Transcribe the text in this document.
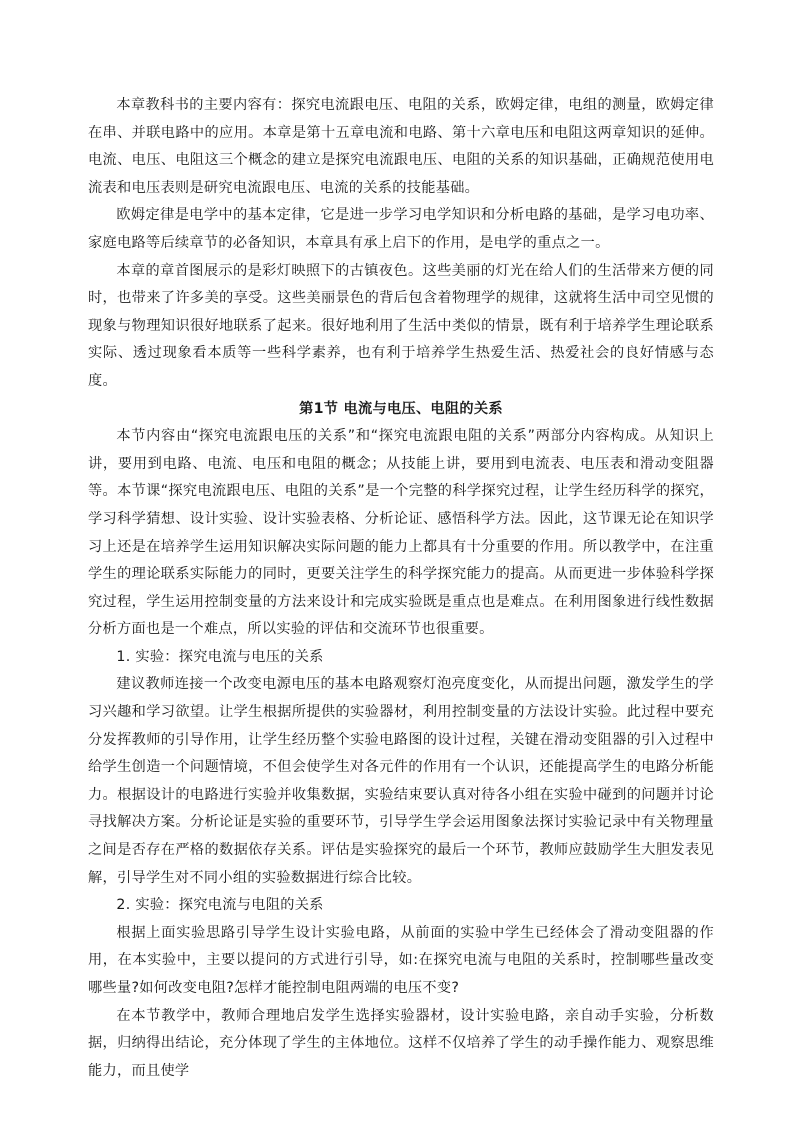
本章教科书的主要内容有：探究电流跟电压、电阻的关系，欧姆定律，电组的测量，欧姆定律在串、并联电路中的应用。本章是第十五章电流和电路、第十六章电压和电阻这两章知识的延伸。电流、电压、电阻这三个概念的建立是探究电流跟电压、电阻的关系的知识基础，正确规范使用电流表和电压表则是研究电流跟电压、电流的关系的技能基础。

欧姆定律是电学中的基本定律，它是进一步学习电学知识和分析电路的基础，是学习电功率、家庭电路等后续章节的必备知识，本章具有承上启下的作用，是电学的重点之一。

本章的章首图展示的是彩灯映照下的古镇夜色。这些美丽的灯光在给人们的生活带来方便的同时，也带来了许多美的享受。这些美丽景色的背后包含着物理学的规律，这就将生活中司空见惯的现象与物理知识很好地联系了起来。很好地利用了生活中类似的情景，既有利于培养学生理论联系实际、透过现象看本质等一些科学素养，也有利于培养学生热爱生活、热爱社会的良好情感与态度。

第1节 电流与电压、电阻的关系

本节内容由“探究电流跟电压的关系”和“探究电流跟电阻的关系”两部分内容构成。从知识上讲，要用到电路、电流、电压和电阻的概念；从技能上讲，要用到电流表、电压表和滑动变阻器等。本节课“探究电流跟电压、电阻的关系”是一个完整的科学探究过程，让学生经历科学的探究，学习科学猜想、设计实验、设计实验表格、分析论证、感悟科学方法。因此，这节课无论在知识学习上还是在培养学生运用知识解决实际问题的能力上都具有十分重要的作用。所以教学中，在注重学生的理论联系实际能力的同时，更要关注学生的科学探究能力的提高。从而更进一步体验科学探究过程，学生运用控制变量的方法来设计和完成实验既是重点也是难点。在利用图象进行线性数据分析方面也是一个难点，所以实验的评估和交流环节也很重要。

1. 实验：探究电流与电压的关系

建议教师连接一个改变电源电压的基本电路观察灯泡亮度变化，从而提出问题，激发学生的学习兴趣和学习欲望。让学生根据所提供的实验器材，利用控制变量的方法设计实验。此过程中要充分发挥教师的引导作用，让学生经历整个实验电路图的设计过程，关键在滑动变阻器的引入过程中给学生创造一个问题情境，不但会使学生对各元件的作用有一个认识，还能提高学生的电路分析能力。根据设计的电路进行实验并收集数据，实验结束要认真对待各小组在实验中碰到的问题并讨论寻找解决方案。分析论证是实验的重要环节，引导学生学会运用图象法探讨实验记录中有关物理量之间是否存在严格的数据依存关系。评估是实验探究的最后一个环节，教师应鼓励学生大胆发表见解，引导学生对不同小组的实验数据进行综合比较。

2. 实验：探究电流与电阻的关系

根据上面实验思路引导学生设计实验电路，从前面的实验中学生已经体会了滑动变阻器的作用，在本实验中，主要以提问的方式进行引导，如:在探究电流与电阻的关系时，控制哪些量改变哪些量?如何改变电阻?怎样才能控制电阻两端的电压不变?

在本节教学中，教师合理地启发学生选择实验器材，设计实验电路，亲自动手实验，分析数据，归纳得出结论，充分体现了学生的主体地位。这样不仅培养了学生的动手操作能力、观察思维能力，而且使学
